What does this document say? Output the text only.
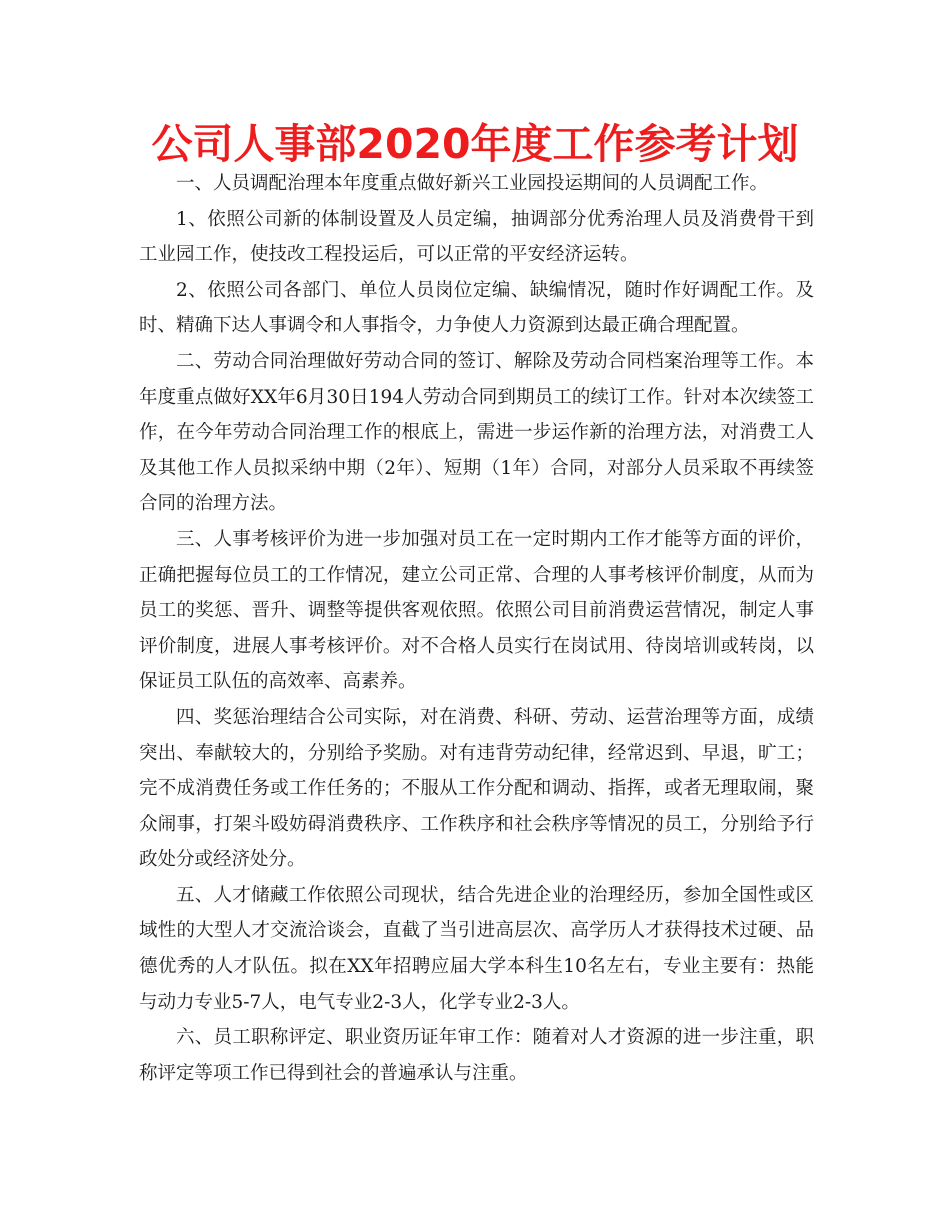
公司人事部2020年度工作参考计划

一、人员调配治理本年度重点做好新兴工业园投运期间的人员调配工作。

1、依照公司新的体制设置及人员定编，抽调部分优秀治理人员及消费骨干到工业园工作，使技改工程投运后，可以正常的平安经济运转。

2、依照公司各部门、单位人员岗位定编、缺编情况，随时作好调配工作。及时、精确下达人事调令和人事指令，力争使人力资源到达最正确合理配置。

二、劳动合同治理做好劳动合同的签订、解除及劳动合同档案治理等工作。本年度重点做好XX年6月30日194人劳动合同到期员工的续订工作。针对本次续签工作，在今年劳动合同治理工作的根底上，需进一步运作新的治理方法，对消费工人及其他工作人员拟采纳中期（2年）、短期（1年）合同，对部分人员采取不再续签合同的治理方法。

三、人事考核评价为进一步加强对员工在一定时期内工作才能等方面的评价，正确把握每位员工的工作情况，建立公司正常、合理的人事考核评价制度，从而为员工的奖惩、晋升、调整等提供客观依照。依照公司目前消费运营情况，制定人事评价制度，进展人事考核评价。对不合格人员实行在岗试用、待岗培训或转岗，以保证员工队伍的高效率、高素养。

四、奖惩治理结合公司实际，对在消费、科研、劳动、运营治理等方面，成绩突出、奉献较大的，分别给予奖励。对有违背劳动纪律，经常迟到、早退，旷工；完不成消费任务或工作任务的；不服从工作分配和调动、指挥，或者无理取闹，聚众闹事，打架斗殴妨碍消费秩序、工作秩序和社会秩序等情况的员工，分别给予行政处分或经济处分。

五、人才储藏工作依照公司现状，结合先进企业的治理经历，参加全国性或区域性的大型人才交流洽谈会，直截了当引进高层次、高学历人才获得技术过硬、品德优秀的人才队伍。拟在XX年招聘应届大学本科生10名左右，专业主要有：热能与动力专业5-7人，电气专业2-3人，化学专业2-3人。

六、员工职称评定、职业资历证年审工作：随着对人才资源的进一步注重，职称评定等项工作已得到社会的普遍承认与注重。
